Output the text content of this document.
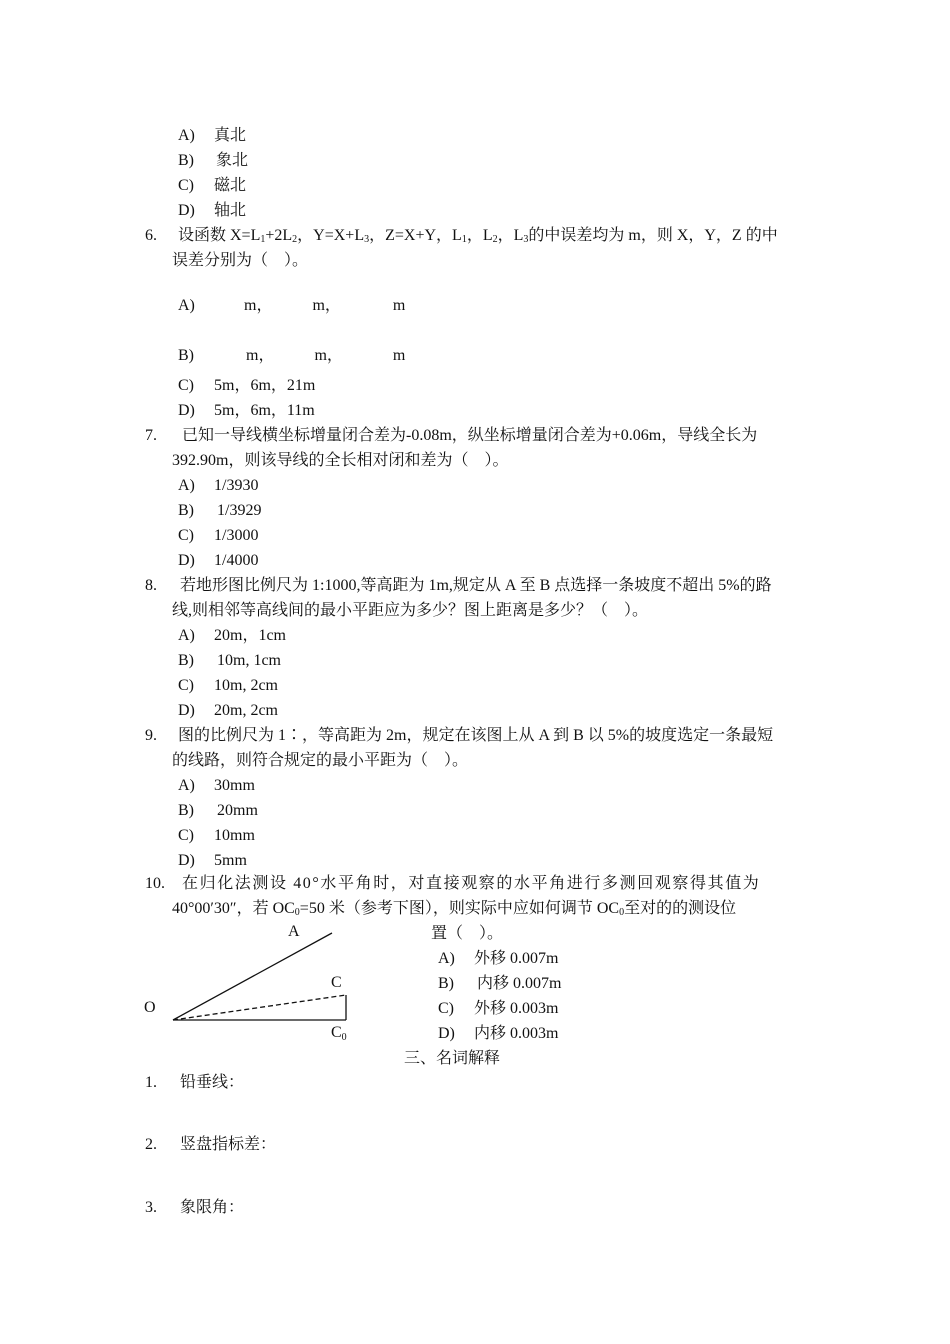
A) 真北
B) 象北
C) 磁北
D) 轴北
6. 设函数 $X=L_1+2L_2$，$Y=X+L_3$，Z=X+Y，$L_1$，$L_2$，$L_3$的中误差均为 m，则 X，Y，Z 的中
误差分别为（　）。
A)	m，	m，	m
B)	m，	m，	m
C) 5m，6m，21m
D) 5m，6m，11m
7. 已知一导线横坐标增量闭合差为-0.08m，纵坐标增量闭合差为+0.06m，导线全长为
392.90m，则该导线的全长相对闭和差为（　）。
A) 1/3930
B) 1/3929
C) 1/3000
D) 1/4000
8. 若地形图比例尺为 1:1000,等高距为 1m,规定从 A 至 B 点选择一条坡度不超出 5%的路
线,则相邻等高线间的最小平距应为多少？图上距离是多少？（　）。
A) 20m，1cm
B) 10m, 1cm
C) 10m, 2cm
D) 20m, 2cm
9. 图的比例尺为 1∶，等高距为 2m，规定在该图上从 A 到 B 以 5%的坡度选定一条最短
的线路，则符合规定的最小平距为（　）。
A) 30mm
B) 20mm
C) 10mm
D) 5mm
10. 在归化法测设 40°水平角时，对直接观察的水平角进行多测回观察得其值为
40°00′30″，若 $OC_0=50$ 米（参考下图），则实际中应如何调节 $OC_0$至对的的测设位
置（　）。
A) 外移 0.007m
B) 内移 0.007m
C) 外移 0.003m
D) 内移 0.003m
A
C
O
C0
三、名词解释
1. 铅垂线：
2. 竖盘指标差：
3. 象限角：
